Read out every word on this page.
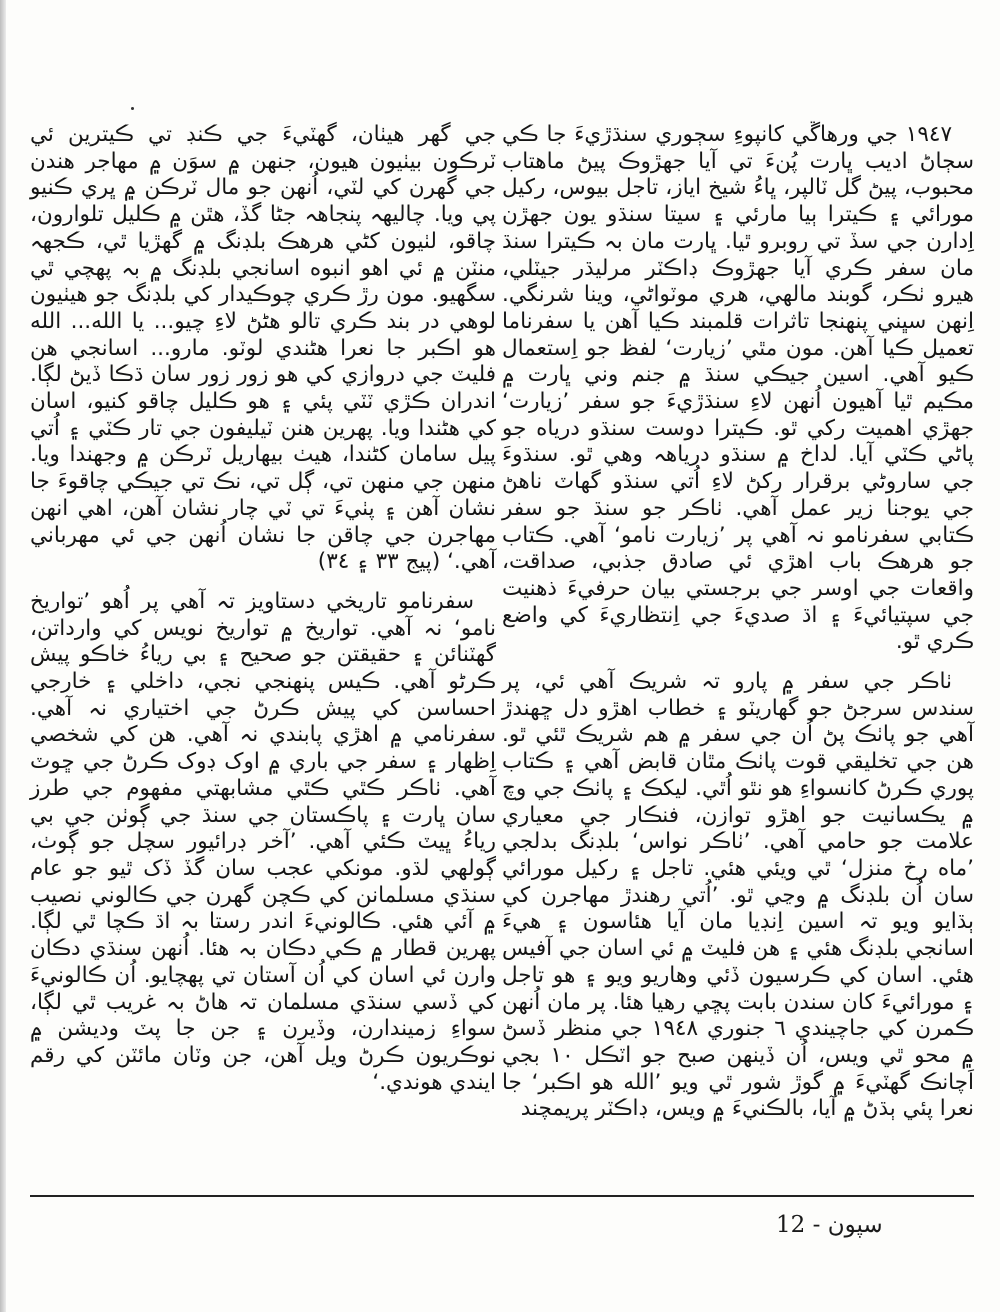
١٩٤٧ جي ورهاڱي کانپوءِ سڄوري سنڌڙيءَ جا ڪي سڄاڻ اديب ڀارت پُنءَ تي آيا جهڙوڪ پيڻ ماهتاب محبوب، پيڻ گل ٽالپر، ڀاءُ شيخ اياز، تاجل بيوس، رکيل مورائي ۽ ڪيترا ٻيا مارئي ۽ سيتا سنڌو يون جهڙن اِدارن جي سڏ تي روبرو ٿيا. ڀارت مان بہ ڪيترا سنڌ مان سفر ڪري آيا جهڙوڪ ڊاڪٽر مرليڌر جيٽلي، هيرو ٺڪر، گوبند مالهي، هري موٽواڻي، وينا شرنگي. اِنهن سڀني پنهنجا تاثرات قلمبند ڪيا آهن يا سفرناما تعميل ڪيا آهن. مون مٿي ’زيارت‘ لفظ جو اِستعمال ڪيو آهي. اسين جيڪي سنڌ ۾ جنم وني ڀارت ۾ مڪيم ٿيا آهيون اُنهن لاءِ سنڌڙيءَ جو سفر ’زيارت‘ جهڙي اهميت رکي ٿو. ڪيترا دوست سنڌو درياه جو پاڻي ڪٽي آيا. لداخ ۾ سنڌو درياهہ وهي ٿو. سنڌوءَ جي ساروڻي برقرار رکڻ لاءِ اُتي سنڌو گهاٽ ناهڻ جي يوجنا زير عمل آهي. ٺاڪر جو سنڌ جو سفر ڪتابي سفرنامو نہ آهي پر ’زيارت نامو‘ آهي. ڪتاب جو هرهڪ باب اهڙي ئي صادق جذبي، صداقت، واقعات جي اوسر جي برجستي بيان حرفيءَ ذهنيت جي سپتيائيءَ ۽ اڌ صديءَ جي اِنتظاريءَ کي واضع ڪري ٿو.

ٺاڪر جي سفر ۾ پارو تہ شريڪ آهي ئي، پر سندس سرجڻ جو گهاريٽو ۽ خطاب اهڙو دل ڇهندڙ آهي جو پاٺڪ پڻ اُن جي سفر ۾ هم شريڪ ٿئي ٿو. هن جي تخليقي قوت پاٺڪ مٿان قابض آهي ۽ ڪتاب پوري ڪرڻ کانسواءِ هو نٿو اُٿي. ليکڪ ۽ پاٺڪ جي وچ ۾ يڪسانيت جو اهڙو توازن، فنڪار جي معياري علامت جو حامي آهي. ’ٺاڪر نواس‘ بلڊنگ بدلجي ’ماه رخ منزل‘ ٿي ويئي هئي. تاجل ۽ رکيل مورائي سان اُن بلڊنگ ۾ وڃي ٿو. ’اُتي رهندڙ مهاجرن کي ٻڌايو ويو تہ اسين اِنڊيا مان آيا هئاسون ۽ هيءَ اسانجي بلڊنگ هئي ۽ هن فليٽ ۾ ئي اسان جي آفيس هئي. اسان کي ڪرسيون ڏئي وهاريو ويو ۽ هو تاجل ۽ مورائيءَ کان سندن بابت پڇي رهيا هئا. پر مان اُنهن ڪمرن کي جاچيندي ٦ جنوري ١٩٤٨ جي منظر ڏسڻ ۾ محو ٿي ويس، اُن ڏينهن صبح جو اٽڪل ١٠ بجي اَچانڪ گهٽيءَ ۾ گوڙ شور ٿي ويو ’الله هو اڪبر‘ جا نعرا پئي ٻڌڻ ۾ آيا، بالڪنيءَ ۾ ويس، ڊاڪٽر پريمچند

جي گهر هيٺان، گهٽيءَ جي ڪنڊ تي ڪيترين ئي ٽرڪون بيٺيون هيون، جنهن ۾ سوَن ۾ مهاجر هندن جي گهرن کي لٽي، اُنهن جو مال ٽرڪن ۾ ڀري ڪنيو پي ويا. چاليهہ پنجاهہ جڻا گڏ، هٿن ۾ ڪليل تلوارون، چاقو، لٺيون کڻي هرهڪ بلڊنگ ۾ گهڙيا ٿي، ڪجهہ منٽن ۾ ئي اهو انبوه اسانجي بلڊنگ ۾ بہ پهچي ٿي سگهيو. مون رڙ ڪري چوڪيدار کي بلڊنگ جو هيٺيون لوهي در بند ڪري تالو هڻڻ لاءِ چيو... يا الله... الله هو اڪبر جا نعرا هڻندي لوٽو. مارو... اسانجي هن فليٽ جي دروازي کي هو زور زور سان ڌڪا ڏيڻ لڳا. اندران ڪڙي ٽٽي پئي ۽ هو ڪليل چاقو کنيو، اسان کي هڻندا ويا. پهرين هنن ٽيليفون جي تار ڪٽي ۽ اُتي پيل سامان کڻندا، هيٺ بيهاريل ٽرڪن ۾ وجهندا ويا. منهن جي منهن تي، ڳل تي، نڪ تي جيڪي چاقوءَ جا نشان آهن ۽ پٺيءَ تي ٽي چار نشان آهن، اهي انهن مهاجرن جي چاقن جا نشان اُنهن جي ئي مهرباني آهي.‘ (پيج ٣٣ ۽ ٣٤)

سفرنامو تاريخي دستاويز تہ آهي پر اُهو ’تواريخ نامو‘ نہ آهي. تواريخ ۾ تواريخ نويس کي وارداتن، گهٽنائن ۽ حقيقتن جو صحيح ۽ بي رياءُ خاڪو پيش ڪرڻو آهي. ڪيس پنهنجي نجي، داخلي ۽ خارجي احساسن کي پيش ڪرڻ جي اختياري نہ آهي. سفرنامي ۾ اهڙي پابندي نہ آهي. هن کي شخصي اِظهار ۽ سفر جي باري ۾ اوک ڊوک ڪرڻ جي ڇوٽ آهي. ٺاڪر ڪٿي ڪٿي مشابهتي مفهوم جي طرز سان ڀارت ۽ پاڪستان جي سنڌ جي ڳوٺن جي بي رياءُ ڀيٽ ڪئي آهي. ’آخر ڊرائيور سچل جو ڳوٺ، ڳولهي لڌو. مونکي عجب سان گڏ ڏک ٿيو جو عام سنڌي مسلمانن کي ڪچن گهرن جي ڪالوني نصيب ۾ آئي هئي. ڪالونيءَ اندر رستا بہ اڌ ڪچا ٿي لڳا. پهرين قطار ۾ ڪي دڪان بہ هئا. اُنهن سنڌي دڪان وارن ئي اسان کي اُن آستان تي پهچايو. اُن ڪالونيءَ کي ڏسي سنڌي مسلمان تہ هاڻ بہ غريب ٿي لڳا، سواءِ زميندارن، وڏيرن ۽ جن جا پٽ وديشن ۾ نوڪريون ڪرڻ ويل آهن، جن وٽان مائٽن کي رقم ايندي هوندي.‘

12 - سپون
